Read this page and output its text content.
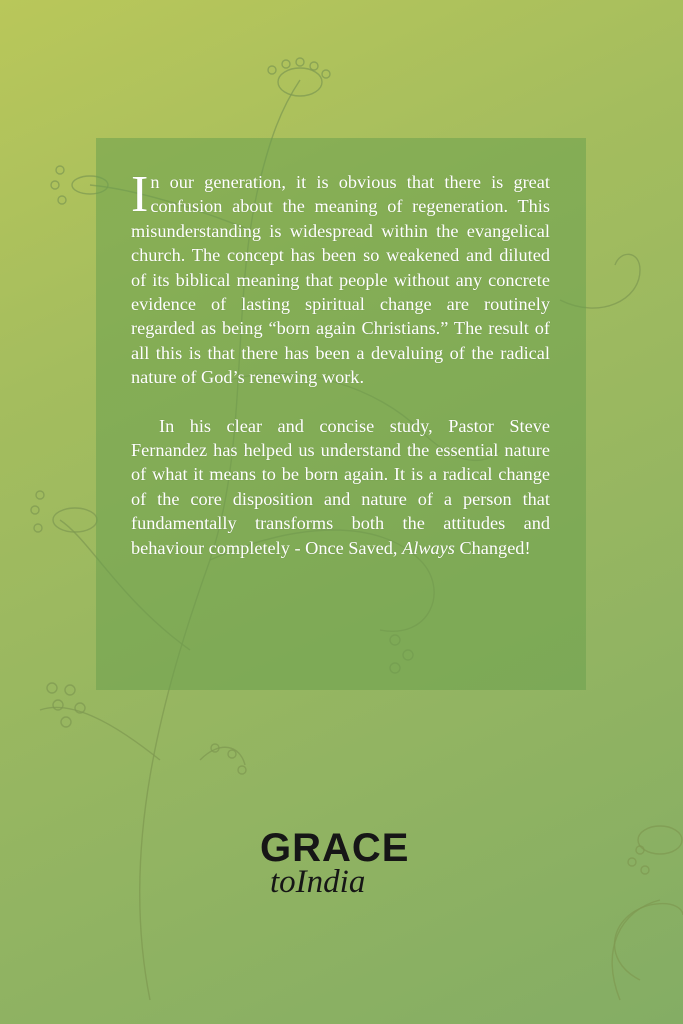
In our generation, it is obvious that there is great confusion about the meaning of regeneration. This misunderstanding is widespread within the evangelical church. The concept has been so weakened and diluted of its biblical meaning that people without any concrete evidence of lasting spiritual change are routinely regarded as being “born again Christians.” The result of all this is that there has been a devaluing of the radical nature of God’s renewing work.

In his clear and concise study, Pastor Steve Fernandez has helped us understand the essential nature of what it means to be born again. It is a radical change of the core disposition and nature of a person that fundamentally transforms both the attitudes and behaviour completely - Once Saved, Always Changed!

GRACE
toIndia
